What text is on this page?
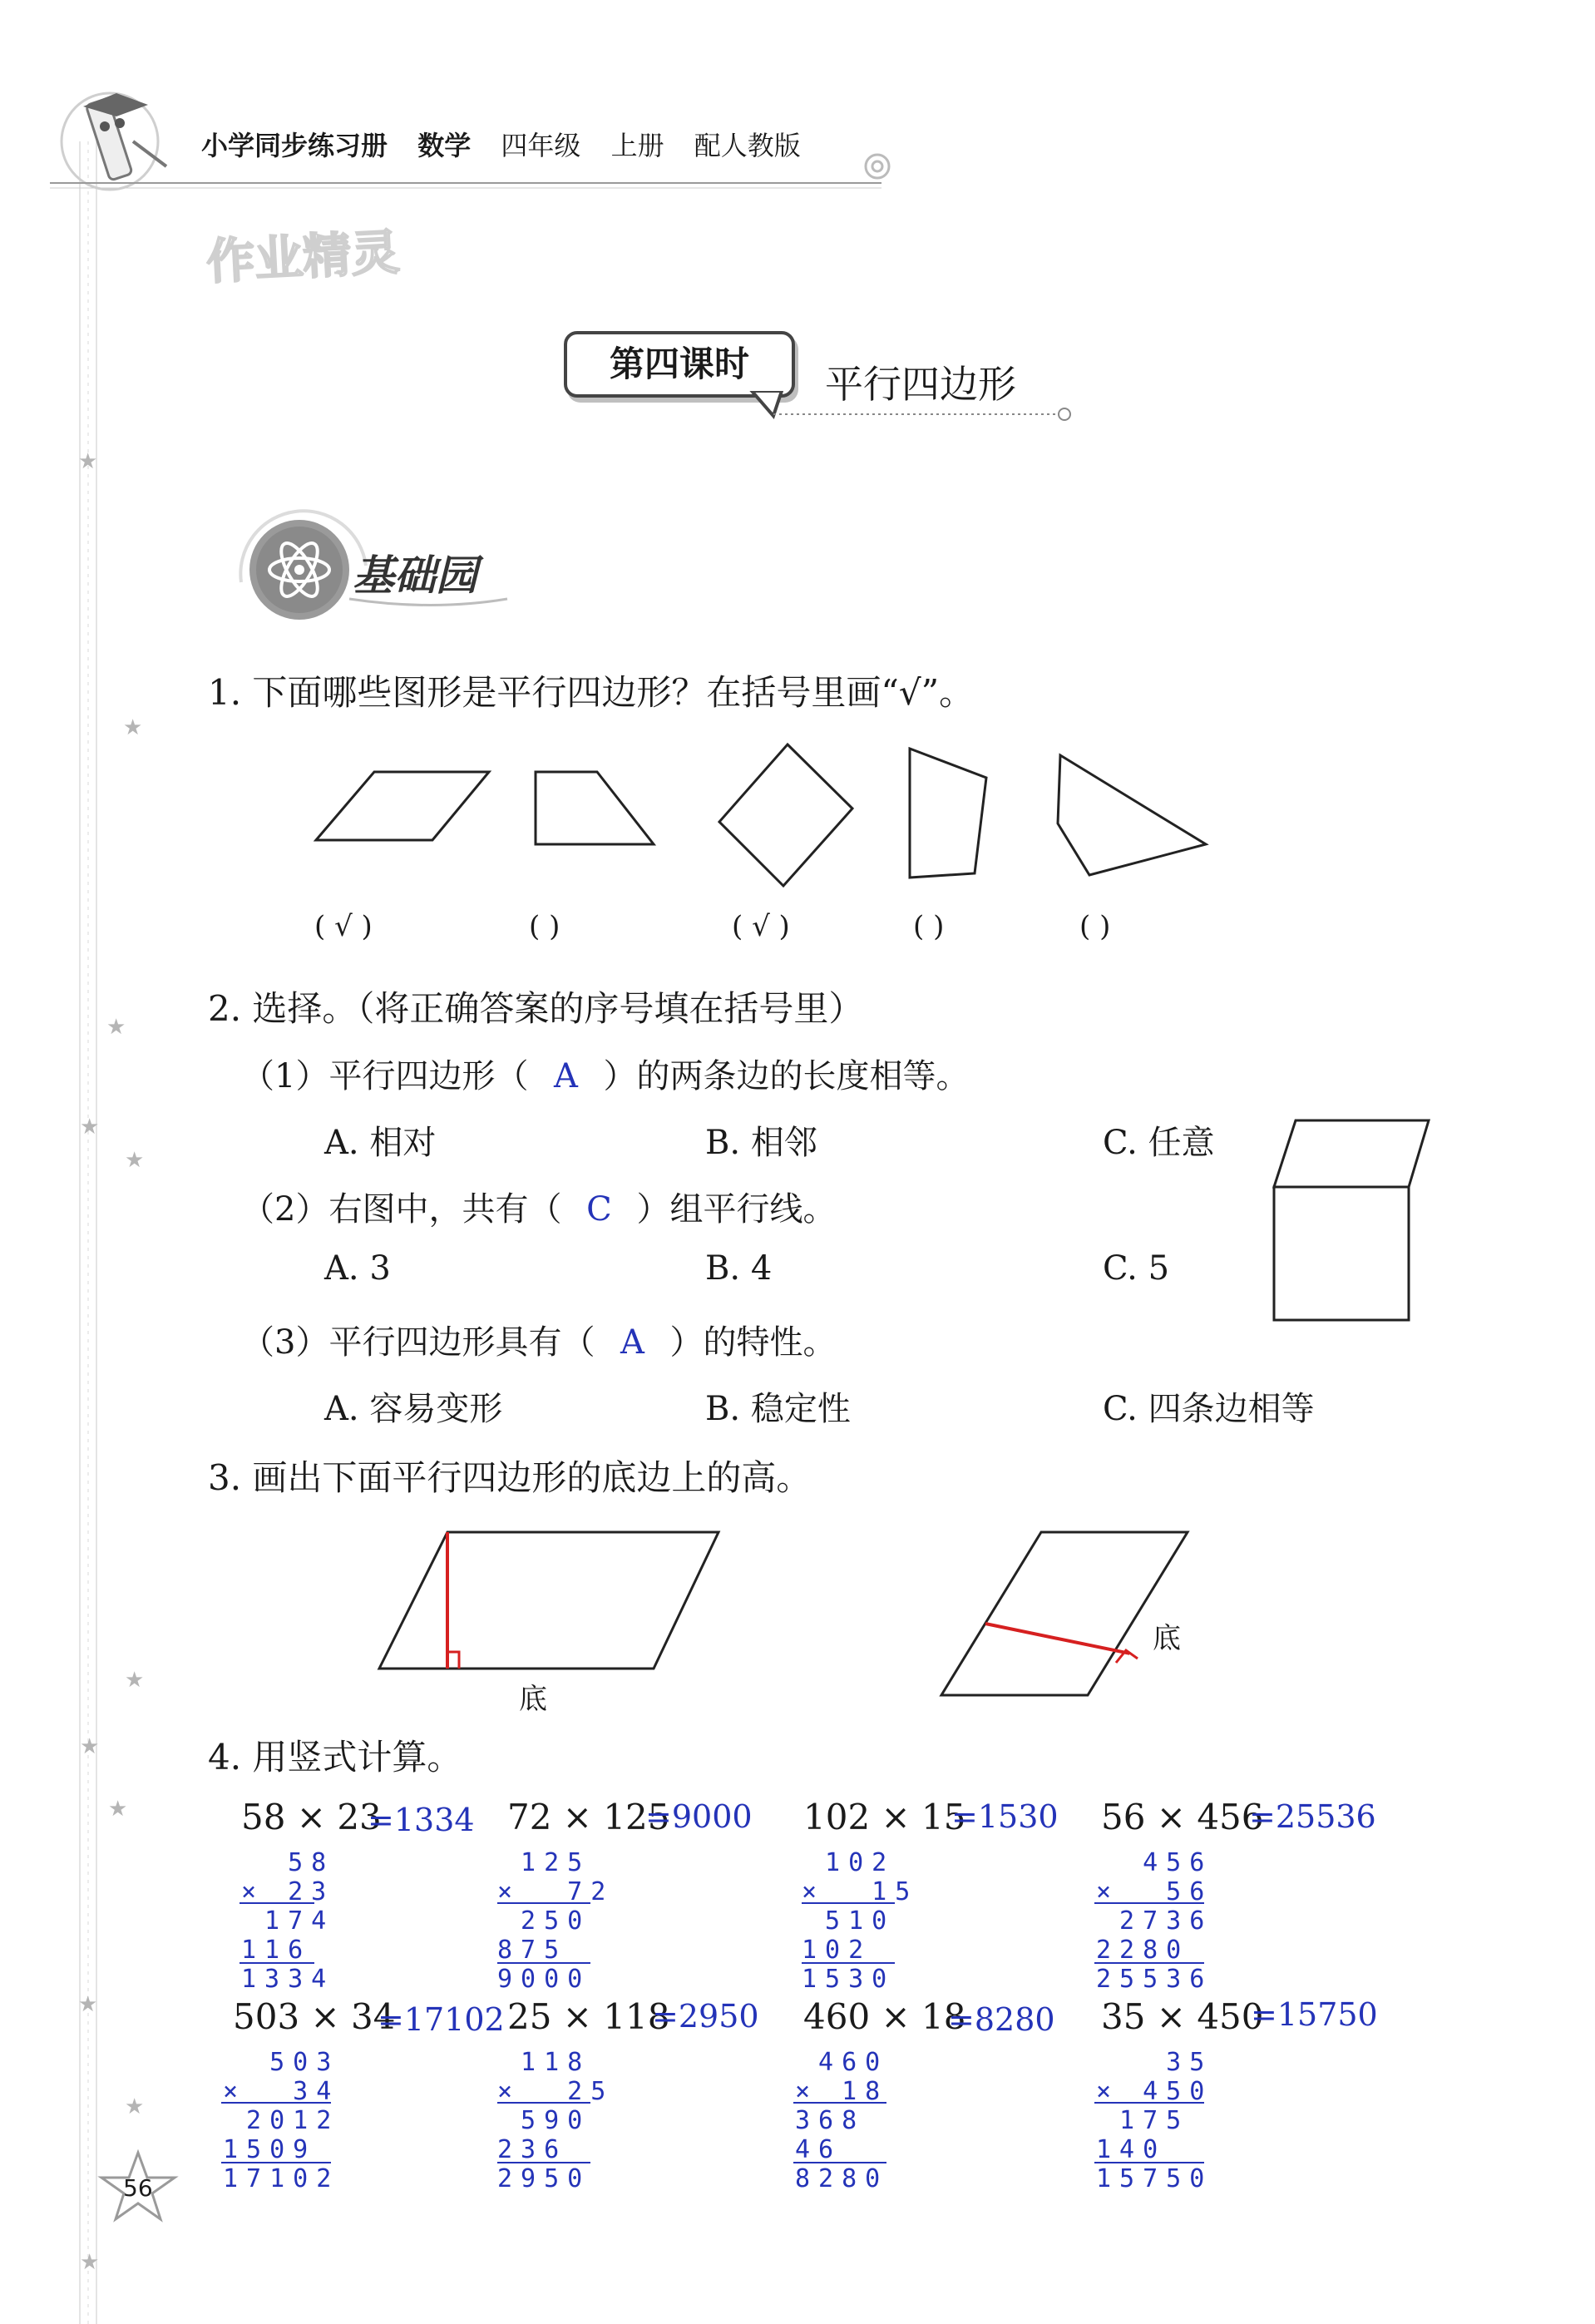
★
★
★
★
★
★
★
★
★
★
★
小学同步练习册 数学 四年级 上册 配人教版
作业精灵
第四课时	平行四边形
基础园
1. 下面哪些图形是平行四边形？在括号里画“√”。
( √ )	( )	( √ )	( )	( )
2. 选择。（将正确答案的序号填在括号里）
（1）平行四边形（ A ）的两条边的长度相等。
A. 相对	B. 相邻	C. 任意
（2）右图中，共有（ C ）组平行线。
A. 3	B. 4	C. 5
（3）平行四边形具有（ A ）的特性。
A. 容易变形	B. 稳定性	C. 四条边相等
3. 画出下面平行四边形的底边上的高。
底
底
4. 用竖式计算。
58 × 23
=1334
58
× 23
174
116
1334
72 × 125
=9000
125
×  72
250
875
9000
102 × 15
=1530
102
×  15
510
102
1530
56 × 456
=25536
456
×  56
2736
2280
25536
503 × 34
=17102
503
×  34
2012
1509
17102
25 × 118
=2950
118
×  25
590
236
2950
460 × 18
=8280
460
× 18
368
46
8280
35 × 450
=15750
35
× 450
175
140
15750
56
